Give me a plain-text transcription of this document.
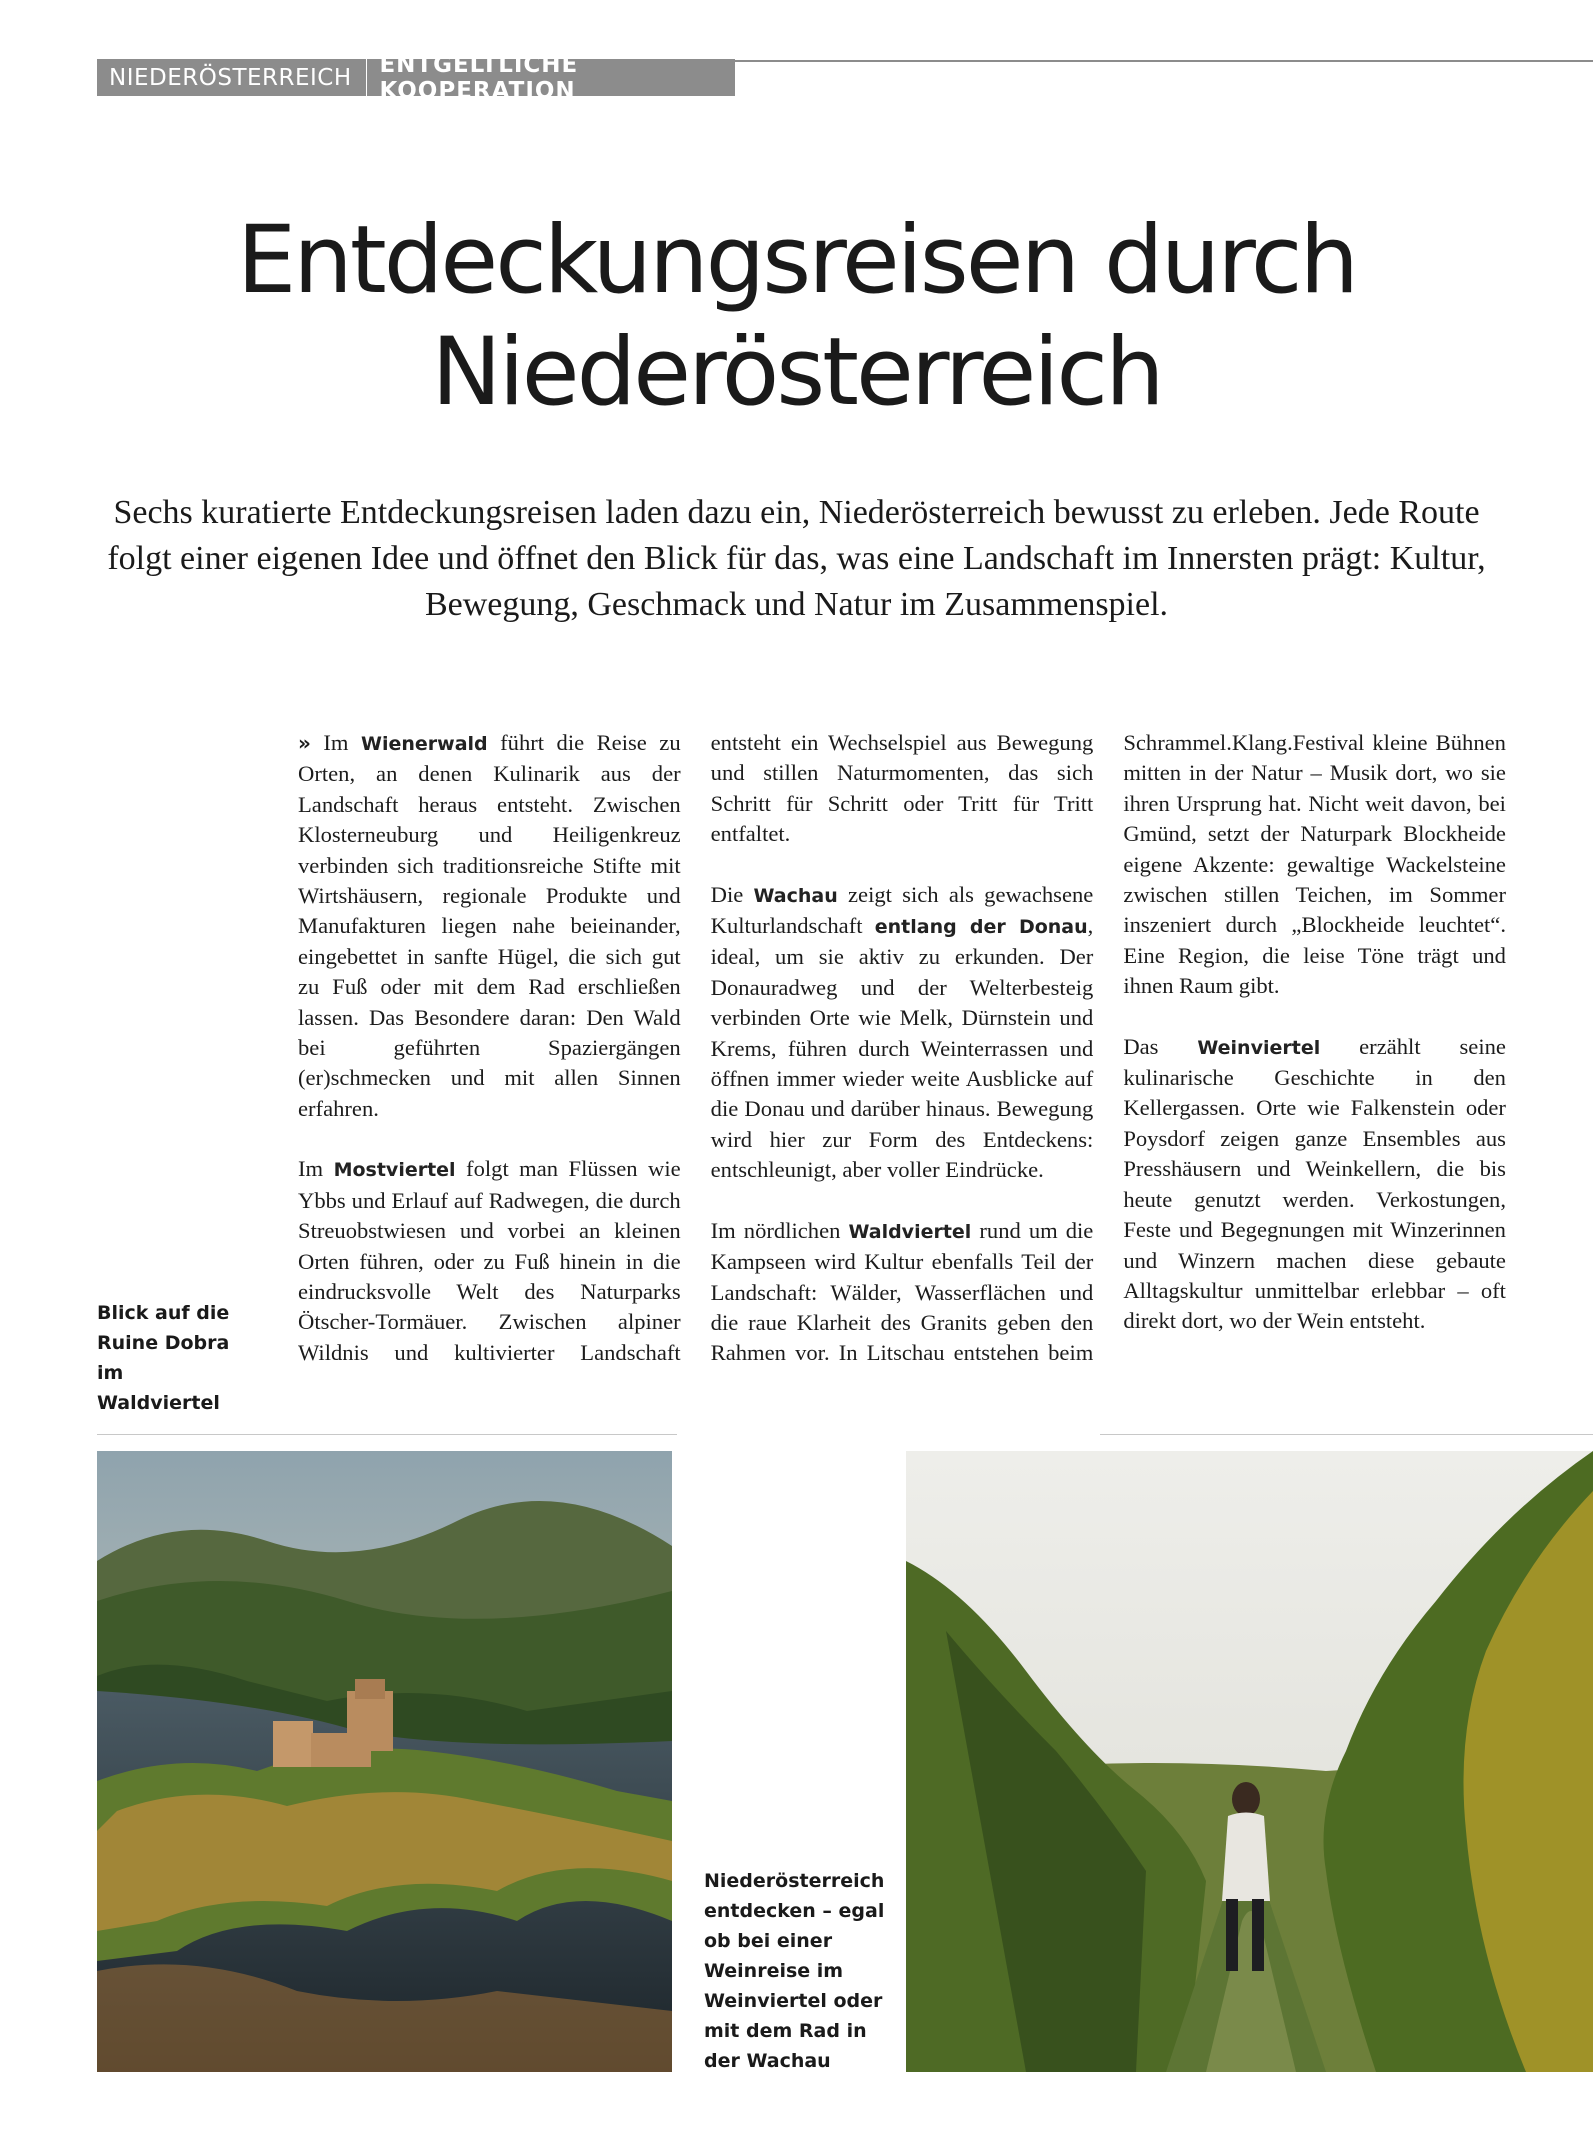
NIEDERÖSTERREICH ENTGELTLICHE KOOPERATION
Entdeckungsreisen durch
Niederösterreich

Sechs kuratierte Entdeckungsreisen laden dazu ein, Niederösterreich bewusst zu erleben. Jede Route folgt einer eigenen Idee und öffnet den Blick für das, was eine Landschaft im Innersten prägt: Kultur, Bewegung, Geschmack und Natur im Zusammenspiel.

» Im Wienerwald führt die Reise zu Orten, an denen Kulinarik aus der Landschaft heraus entsteht. Zwischen Klosterneuburg und Heiligenkreuz verbinden sich traditionsreiche Stifte mit Wirtshäusern, regionale Produkte und Manufakturen liegen nahe beieinander, eingebettet in sanfte Hügel, die sich gut zu Fuß oder mit dem Rad erschließen lassen. Das Besondere daran: Den Wald bei geführten Spaziergängen (er)schmecken und mit allen Sinnen erfahren.

Im Mostviertel folgt man Flüssen wie Ybbs und Erlauf auf Radwegen, die durch Streuobstwiesen und vorbei an kleinen Orten führen, oder zu Fuß hinein in die eindrucksvolle Welt des Naturparks Ötscher-Tormäuer. Zwischen alpiner Wildnis und kultivierter Landschaft entsteht ein Wechselspiel aus Bewegung und stillen Naturmomenten, das sich Schritt für Schritt oder Tritt für Tritt entfaltet.

Die Wachau zeigt sich als gewachsene Kulturlandschaft entlang der Donau, ideal, um sie aktiv zu erkunden. Der Donauradweg und der Welterbesteig verbinden Orte wie Melk, Dürnstein und Krems, führen durch Weinterrassen und öffnen immer wieder weite Ausblicke auf die Donau und darüber hinaus. Bewegung wird hier zur Form des Entdeckens: entschleunigt, aber voller Eindrücke.

Im nördlichen Waldviertel rund um die Kampseen wird Kultur ebenfalls Teil der Landschaft: Wälder, Wasserflächen und die raue Klarheit des Granits geben den Rahmen vor. In Litschau entstehen beim Schrammel.Klang.Festival kleine Bühnen mitten in der Natur – Musik dort, wo sie ihren Ursprung hat. Nicht weit davon, bei Gmünd, setzt der Naturpark Blockheide eigene Akzente: gewaltige Wackelsteine zwischen stillen Teichen, im Sommer inszeniert durch „Blockheide leuchtet“. Eine Region, die leise Töne trägt und ihnen Raum gibt.

Das Weinviertel erzählt seine kulinarische Geschichte in den Kellergassen. Orte wie Falkenstein oder Poysdorf zeigen ganze Ensembles aus Presshäusern und Weinkellern, die bis heute genutzt werden. Verkostungen, Feste und Begegnungen mit Winzerinnen und Winzern machen diese gebaute Alltagskultur unmittelbar erlebbar – oft direkt dort, wo der Wein entsteht.

Blick auf die Ruine Dobra im Waldviertel

Niederösterreich entdecken – egal ob bei einer Weinreise im Weinviertel oder mit dem Rad in der Wachau
